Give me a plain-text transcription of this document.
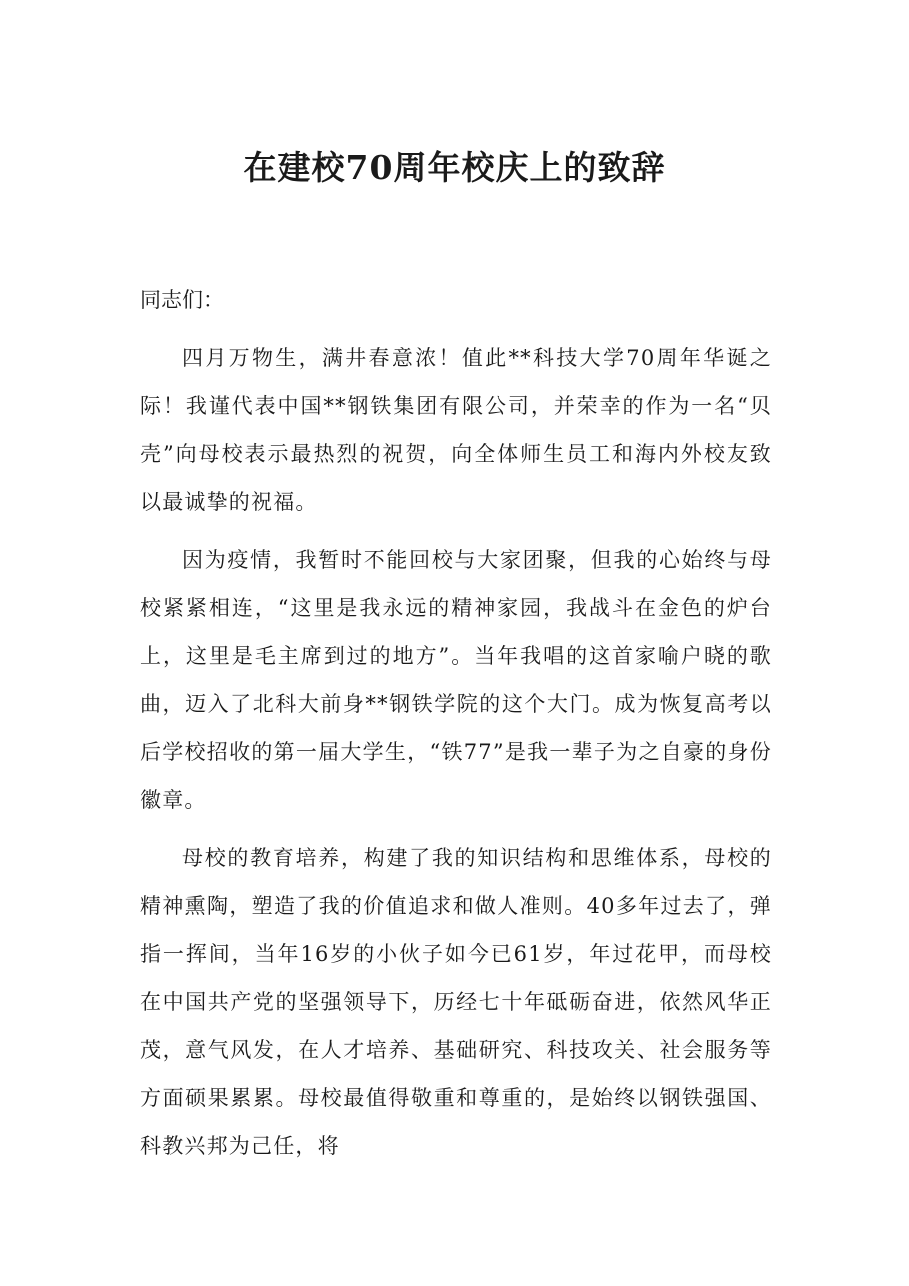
在建校70周年校庆上的致辞

同志们：

四月万物生，满井春意浓！值此**科技大学70周年华诞之际！我谨代表中国**钢铁集团有限公司，并荣幸的作为一名“贝壳”向母校表示最热烈的祝贺，向全体师生员工和海内外校友致以最诚挚的祝福。

因为疫情，我暂时不能回校与大家团聚，但我的心始终与母校紧紧相连，“这里是我永远的精神家园，我战斗在金色的炉台上，这里是毛主席到过的地方”。当年我唱的这首家喻户晓的歌曲，迈入了北科大前身**钢铁学院的这个大门。成为恢复高考以后学校招收的第一届大学生，“铁77”是我一辈子为之自豪的身份徽章。

母校的教育培养，构建了我的知识结构和思维体系，母校的精神熏陶，塑造了我的价值追求和做人准则。40多年过去了，弹指一挥间，当年16岁的小伙子如今已61岁，年过花甲，而母校在中国共产党的坚强领导下，历经七十年砥砺奋进，依然风华正茂，意气风发，在人才培养、基础研究、科技攻关、社会服务等方面硕果累累。母校最值得敬重和尊重的，是始终以钢铁强国、科教兴邦为己任，将
